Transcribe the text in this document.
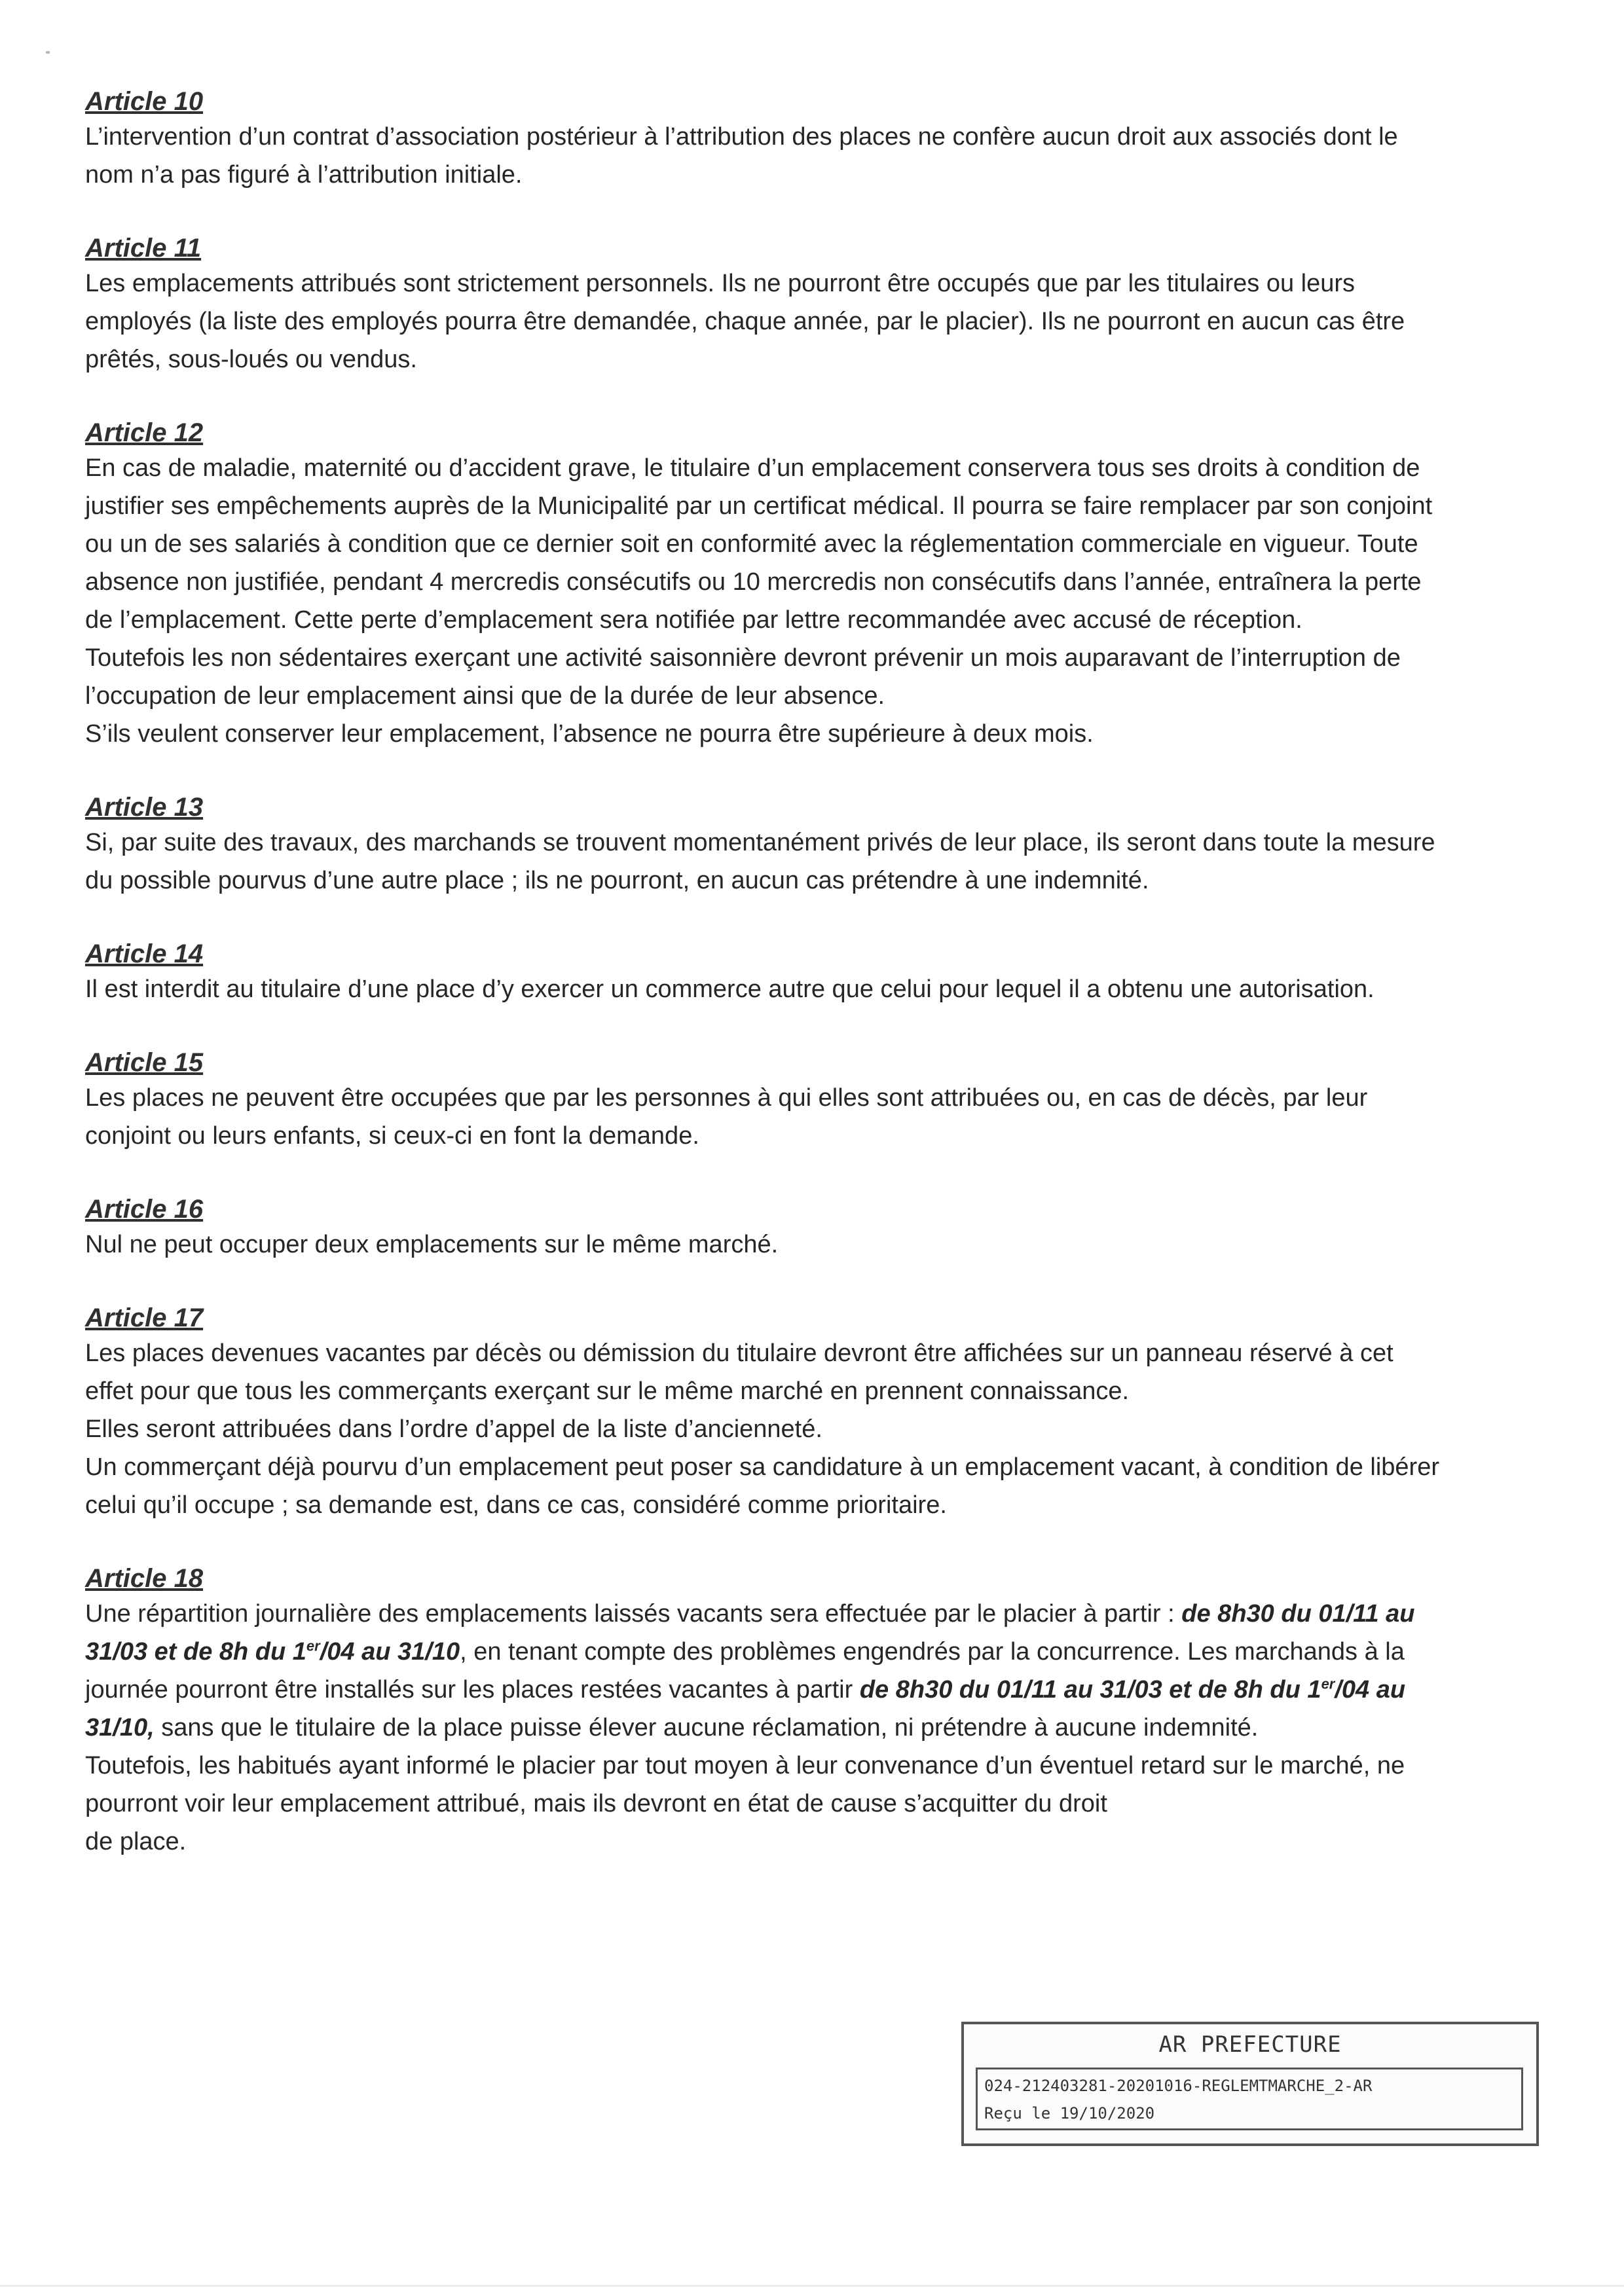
Article 10

L’intervention d’un contrat d’association postérieur à l’attribution des places ne confère aucun droit aux associés dont le nom n’a pas figuré à l’attribution initiale.

Article 11

Les emplacements attribués sont strictement personnels. Ils ne pourront être occupés que par les titulaires ou leurs employés (la liste des employés pourra être demandée, chaque année, par le placier). Ils ne pourront en aucun cas être prêtés, sous-loués ou vendus.

Article 12

En cas de maladie, maternité ou d’accident grave, le titulaire d’un emplacement conservera tous ses droits à condition de justifier ses empêchements auprès de la Municipalité par un certificat médical. Il pourra se faire remplacer par son conjoint ou un de ses salariés à condition que ce dernier soit en conformité avec la réglementation commerciale en vigueur. Toute absence non justifiée, pendant 4 mercredis consécutifs ou 10 mercredis non consécutifs dans l’année, entraînera la perte de l’emplacement. Cette perte d’emplacement sera notifiée par lettre recommandée avec accusé de réception.

Toutefois les non sédentaires exerçant une activité saisonnière devront prévenir un mois auparavant de l’interruption de l’occupation de leur emplacement ainsi que de la durée de leur absence.

S’ils veulent conserver leur emplacement, l’absence ne pourra être supérieure à deux mois.

Article 13

Si, par suite des travaux, des marchands se trouvent momentanément privés de leur place, ils seront dans toute la mesure du possible pourvus d’une autre place ; ils ne pourront, en aucun cas prétendre à une indemnité.

Article 14

Il est interdit au titulaire d’une place d’y exercer un commerce autre que celui pour lequel il a obtenu une autorisation.

Article 15

Les places ne peuvent être occupées que par les personnes à qui elles sont attribuées ou, en cas de décès, par leur conjoint ou leurs enfants, si ceux-ci en font la demande.

Article 16

Nul ne peut occuper deux emplacements sur le même marché.

Article 17

Les places devenues vacantes par décès ou démission du titulaire devront être affichées sur un panneau réservé à cet effet pour que tous les commerçants exerçant sur le même marché en prennent connaissance.

Elles seront attribuées dans l’ordre d’appel de la liste d’ancienneté.

Un commerçant déjà pourvu d’un emplacement peut poser sa candidature à un emplacement vacant, à condition de libérer celui qu’il occupe ; sa demande est, dans ce cas, considéré comme prioritaire.

Article 18

Une répartition journalière des emplacements laissés vacants sera effectuée par le placier à partir : de 8h30 du 01/11 au 31/03 et de 8h du 1er/04 au 31/10, en tenant compte des problèmes engendrés par la concurrence. Les marchands à la journée pourront être installés sur les places restées vacantes à partir de 8h30 du 01/11 au 31/03 et de 8h du 1er/04 au 31/10, sans que le titulaire de la place puisse élever aucune réclamation, ni prétendre à aucune indemnité.

Toutefois, les habitués ayant informé le placier par tout moyen à leur convenance d’un éventuel retard sur le marché, ne pourront voir leur emplacement attribué, mais ils devront en état de cause s’acquitter du droit

de place.

AR PREFECTURE
024-212403281-20201016-REGLEMTMARCHE_2-AR
Reçu le 19/10/2020
